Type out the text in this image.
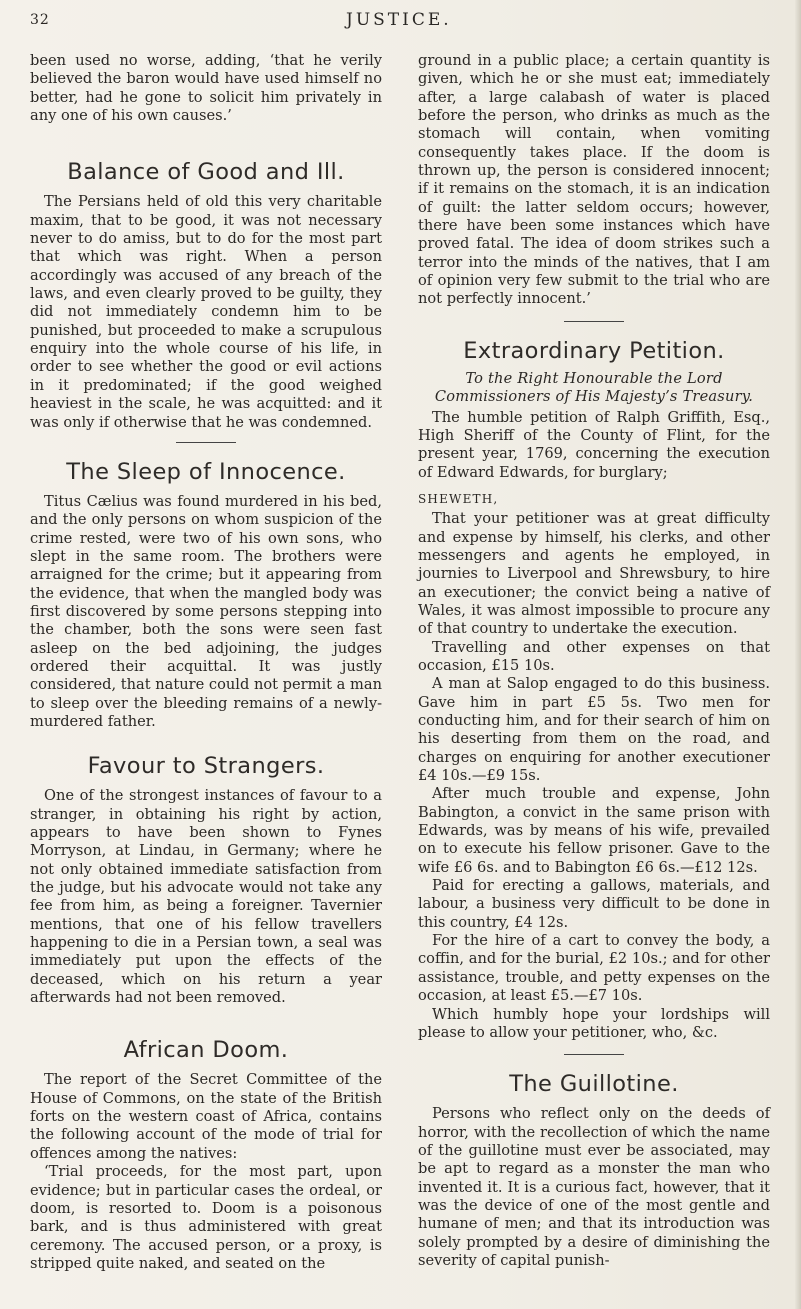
32	JUSTICE.

been used no worse, adding, ‘that he verily believed the baron would have used himself no better, had he gone to solicit him privately in any one of his own causes.’

Balance of Good and Ill.

The Persians held of old this very charitable maxim, that to be good, it was not necessary never to do amiss, but to do for the most part that which was right. When a person accordingly was accused of any breach of the laws, and even clearly proved to be guilty, they did not immediately condemn him to be punished, but proceeded to make a scrupulous enquiry into the whole course of his life, in order to see whether the good or evil actions in it predominated; if the good weighed heaviest in the scale, he was acquitted: and it was only if otherwise that he was condemned.

The Sleep of Innocence.

Titus Cælius was found murdered in his bed, and the only persons on whom suspicion of the crime rested, were two of his own sons, who slept in the same room. The brothers were arraigned for the crime; but it appearing from the evidence, that when the mangled body was first discovered by some persons stepping into the chamber, both the sons were seen fast asleep on the bed adjoining, the judges ordered their acquittal. It was justly considered, that nature could not permit a man to sleep over the bleeding remains of a newly-murdered father.

Favour to Strangers.

One of the strongest instances of favour to a stranger, in obtaining his right by action, appears to have been shown to Fynes Morryson, at Lindau, in Germany; where he not only obtained immediate satisfaction from the judge, but his advocate would not take any fee from him, as being a foreigner. Tavernier mentions, that one of his fellow travellers happening to die in a Persian town, a seal was immediately put upon the effects of the deceased, which on his return a year afterwards had not been removed.

African Doom.

The report of the Secret Committee of the House of Commons, on the state of the British forts on the western coast of Africa, contains the following account of the mode of trial for offences among the natives:

‘Trial proceeds, for the most part, upon evidence; but in particular cases the ordeal, or doom, is resorted to. Doom is a poisonous bark, and is thus administered with great ceremony. The accused person, or a proxy, is stripped quite naked, and seated on the

ground in a public place; a certain quantity is given, which he or she must eat; immediately after, a large calabash of water is placed before the person, who drinks as much as the stomach will contain, when vomiting consequently takes place. If the doom is thrown up, the person is considered innocent; if it remains on the stomach, it is an indication of guilt: the latter seldom occurs; however, there have been some instances which have proved fatal. The idea of doom strikes such a terror into the minds of the natives, that I am of opinion very few submit to the trial who are not perfectly innocent.’

Extraordinary Petition.
To the Right Honourable the Lord Commissioners of His Majesty’s Treasury.

The humble petition of Ralph Griffith, Esq., High Sheriff of the County of Flint, for the present year, 1769, concerning the execution of Edward Edwards, for burglary;

SHEWETH,

That your petitioner was at great difficulty and expense by himself, his clerks, and other messengers and agents he employed, in journies to Liverpool and Shrewsbury, to hire an executioner; the convict being a native of Wales, it was almost impossible to procure any of that country to undertake the execution.

Travelling and other expenses on that occasion, £15 10s.

A man at Salop engaged to do this business. Gave him in part £5 5s. Two men for conducting him, and for their search of him on his deserting from them on the road, and charges on enquiring for another executioner £4 10s.—£9 15s.

After much trouble and expense, John Babington, a convict in the same prison with Edwards, was by means of his wife, prevailed on to execute his fellow prisoner. Gave to the wife £6 6s. and to Babington £6 6s.—£12 12s.

Paid for erecting a gallows, materials, and labour, a business very difficult to be done in this country, £4 12s.

For the hire of a cart to convey the body, a coffin, and for the burial, £2 10s.; and for other assistance, trouble, and petty expenses on the occasion, at least £5.—£7 10s.

Which humbly hope your lordships will please to allow your petitioner, who, &c.

The Guillotine.

Persons who reflect only on the deeds of horror, with the recollection of which the name of the guillotine must ever be associated, may be apt to regard as a monster the man who invented it. It is a curious fact, however, that it was the device of one of the most gentle and humane of men; and that its introduction was solely prompted by a desire of diminishing the severity of capital punish-
